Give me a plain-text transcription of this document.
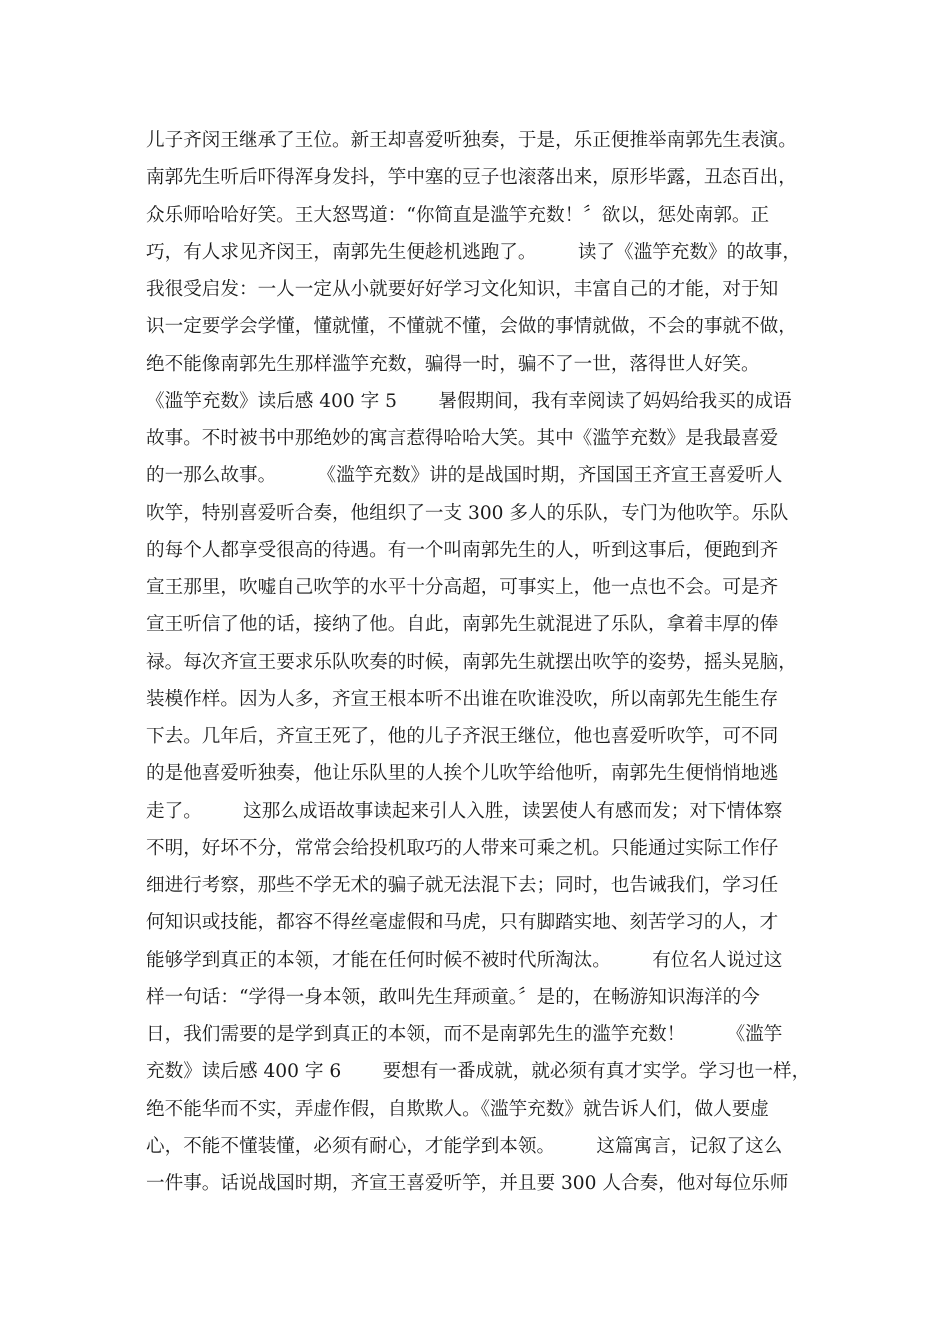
儿子齐闵王继承了王位。新王却喜爱听独奏，于是，乐正便推举南郭先生表演。
南郭先生听后吓得浑身发抖，竽中塞的豆子也滚落出来，原形毕露，丑态百出，
众乐师哈哈好笑。王大怒骂道：“你简直是滥竽充数！〞欲以，惩处南郭。正
巧，有人求见齐闵王，南郭先生便趁机逃跑了。       读了《滥竽充数》的故事，
我很受启发：一人一定从小就要好好学习文化知识，丰富自己的才能，对于知
识一定要学会学懂，懂就懂，不懂就不懂，会做的事情就做，不会的事就不做，
绝不能像南郭先生那样滥竽充数，骗得一时，骗不了一世，落得世人好笑。
《滥竽充数》读后感 400 字 5       暑假期间，我有幸阅读了妈妈给我买的成语
故事。不时被书中那绝妙的寓言惹得哈哈大笑。其中《滥竽充数》是我最喜爱
的一那么故事。       《滥竽充数》讲的是战国时期，齐国国王齐宣王喜爱听人
吹竽，特别喜爱听合奏，他组织了一支 300 多人的乐队，专门为他吹竽。乐队
的每个人都享受很高的待遇。有一个叫南郭先生的人，听到这事后，便跑到齐
宣王那里，吹嘘自己吹竽的水平十分高超，可事实上，他一点也不会。可是齐
宣王听信了他的话，接纳了他。自此，南郭先生就混进了乐队，拿着丰厚的俸
禄。每次齐宣王要求乐队吹奏的时候，南郭先生就摆出吹竽的姿势，摇头晃脑，
装模作样。因为人多，齐宣王根本听不出谁在吹谁没吹，所以南郭先生能生存
下去。几年后，齐宣王死了，他的儿子齐泯王继位，他也喜爱听吹竽，可不同
的是他喜爱听独奏，他让乐队里的人挨个儿吹竽给他听，南郭先生便悄悄地逃
走了。       这那么成语故事读起来引人入胜，读罢使人有感而发；对下情体察
不明，好坏不分，常常会给投机取巧的人带来可乘之机。只能通过实际工作仔
细进行考察，那些不学无术的骗子就无法混下去；同时，也告诫我们，学习任
何知识或技能，都容不得丝毫虚假和马虎，只有脚踏实地、刻苦学习的人，才
能够学到真正的本领，才能在任何时候不被时代所淘汰。       有位名人说过这
样一句话：“学得一身本领，敢叫先生拜顽童。〞是的，在畅游知识海洋的今
日，我们需要的是学到真正的本领，而不是南郭先生的滥竽充数！       《滥竽
充数》读后感 400 字 6       要想有一番成就，就必须有真才实学。学习也一样，
绝不能华而不实，弄虚作假，自欺欺人。《滥竽充数》就告诉人们，做人要虚
心，不能不懂装懂，必须有耐心，才能学到本领。       这篇寓言，记叙了这么
一件事。话说战国时期，齐宣王喜爱听竽，并且要 300 人合奏，他对每位乐师
